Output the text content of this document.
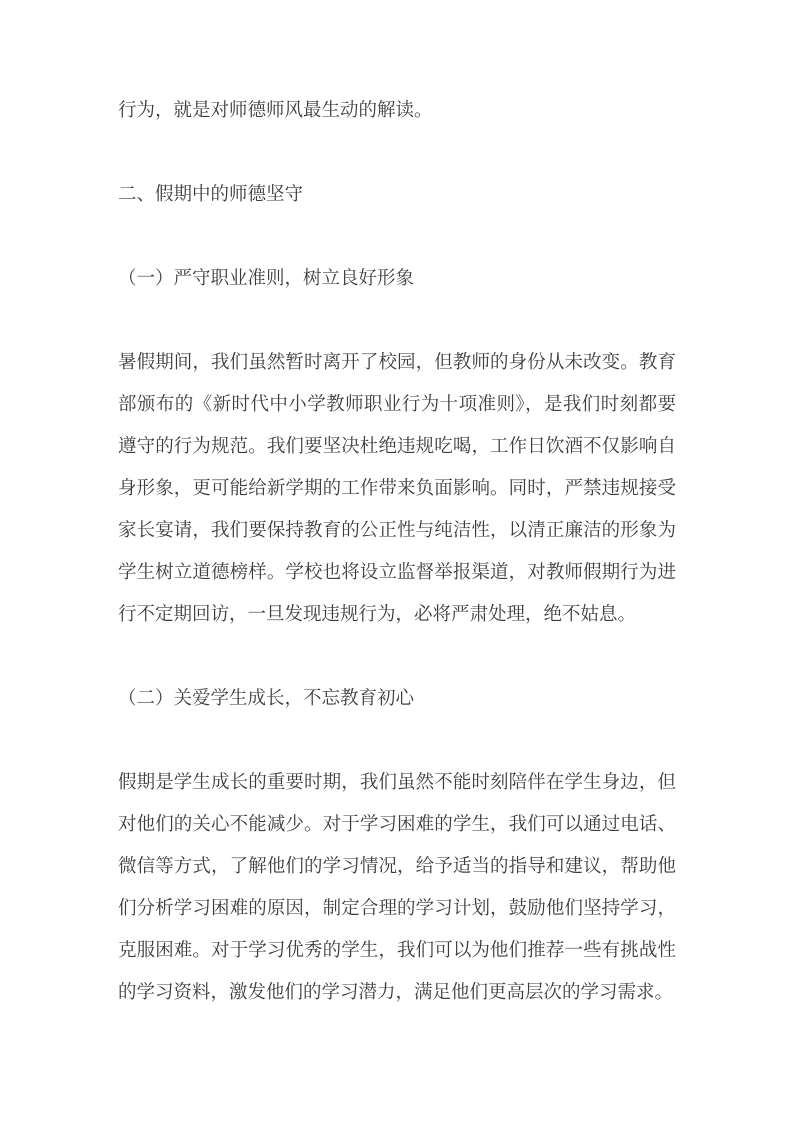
行为，就是对师德师风最生动的解读。
二、假期中的师德坚守
（一）严守职业准则，树立良好形象
暑假期间，我们虽然暂时离开了校园，但教师的身份从未改变。教育部颁布的《新时代中小学教师职业行为十项准则》，是我们时刻都要遵守的行为规范。我们要坚决杜绝违规吃喝，工作日饮酒不仅影响自身形象，更可能给新学期的工作带来负面影响。同时，严禁违规接受家长宴请，我们要保持教育的公正性与纯洁性，以清正廉洁的形象为学生树立道德榜样。学校也将设立监督举报渠道，对教师假期行为进行不定期回访，一旦发现违规行为，必将严肃处理，绝不姑息。
（二）关爱学生成长，不忘教育初心
假期是学生成长的重要时期，我们虽然不能时刻陪伴在学生身边，但对他们的关心不能减少。对于学习困难的学生，我们可以通过电话、微信等方式，了解他们的学习情况，给予适当的指导和建议，帮助他们分析学习困难的原因，制定合理的学习计划，鼓励他们坚持学习，克服困难。对于学习优秀的学生，我们可以为他们推荐一些有挑战性的学习资料，激发他们的学习潜力，满足他们更高层次的学习需求。
